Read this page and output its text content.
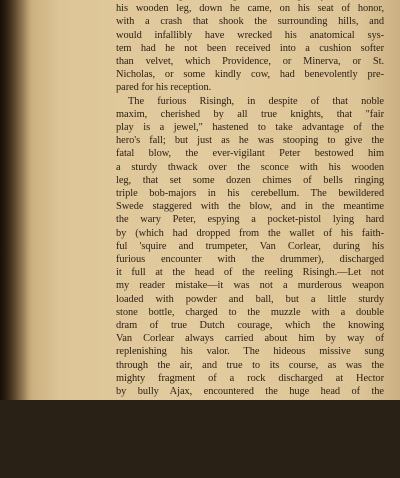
his wooden leg, down he came, on his seat of honor,
with a crash that shook the surrounding hills, and
would infallibly have wrecked his anatomical sys-
tem had he not been received into a cushion softer
than velvet, which Providence, or Minerva, or St.
Nicholas, or some kindly cow, had benevolently pre-
pared for his reception.
The furious Risingh, in despite of that noble
maxim, cherished by all true knights, that "fair
play is a jewel," hastened to take advantage of the
hero's fall; but just as he was stooping to give the
fatal blow, the ever-vigilant Peter bestowed him
a sturdy thwack over the sconce with his wooden
leg, that set some dozen chimes of bells ringing
triple bob-majors in his cerebellum. The bewildered
Swede staggered with the blow, and in the meantime
the wary Peter, espying a pocket-pistol lying hard
by (which had dropped from the wallet of his faith-
ful 'squire and trumpeter, Van Corlear, during his
furious encounter with the drummer), discharged
it full at the head of the reeling Risingh.—Let not
my reader mistake—it was not a murderous weapon
loaded with powder and ball, but a little sturdy
stone bottle, charged to the muzzle with a double
dram of true Dutch courage, which the knowing
Van Corlear always carried about him by way of
replenishing his valor. The hideous missive sung
through the air, and true to its course, as was the
mighty fragment of a rock discharged at Hector
by bully Ajax, encountered the huge head of the
gigantic Swede with matchless violence.
This heaven-directed blow decided the eventful
battle. The ponderous pericranium of General Jan
Risingh sunk upon his breast; his knees tottered
under him; a deathlike torpor seized upon his giant
frame, and he tumbled to the earth with such tre-
